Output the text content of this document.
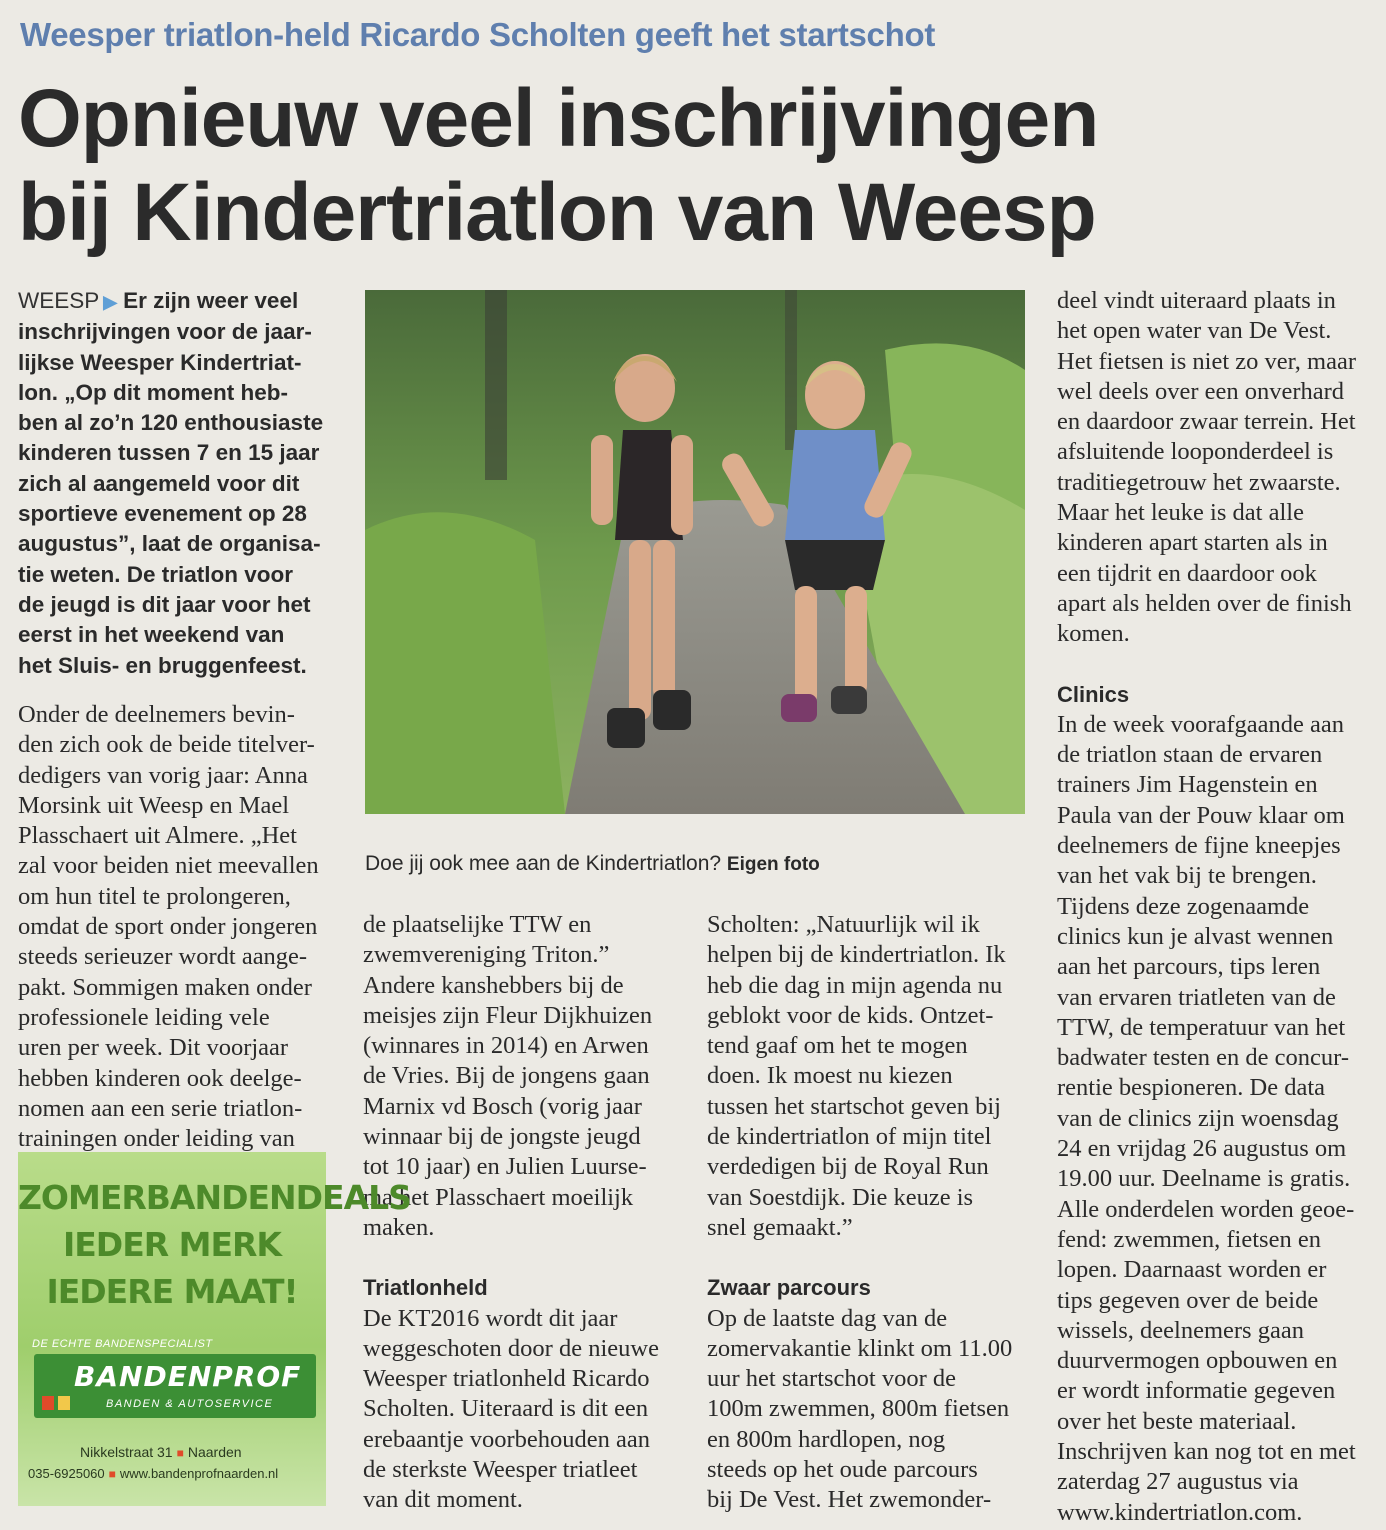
Weesper triatlon-held Ricardo Scholten geeft het startschot
Opnieuw veel inschrijvingen
bij Kindertriatlon van Weesp
WEESP ▶ Er zijn weer veel
inschrijvingen voor de jaar-
lijkse Weesper Kindertriat-
lon. „Op dit moment heb-
ben al zo’n 120 enthousiaste
kinderen tussen 7 en 15 jaar
zich al aangemeld voor dit
sportieve evenement op 28
augustus”, laat de organisa-
tie weten. De triatlon voor
de jeugd is dit jaar voor het
eerst in het weekend van
het Sluis- en bruggenfeest.
Onder de deelnemers bevin-
den zich ook de beide titelver-
dedigers van vorig jaar: Anna
Morsink uit Weesp en Mael
Plasschaert uit Almere. „Het
zal voor beiden niet meevallen
om hun titel te prolongeren,
omdat de sport onder jongeren
steeds serieuzer wordt aange-
pakt. Sommigen maken onder
professionele leiding vele
uren per week. Dit voorjaar
hebben kinderen ook deelge-
nomen aan een serie triatlon-
trainingen onder leiding van
Doe jij ook mee aan de Kindertriatlon? Eigen foto
de plaatselijke TTW en
zwemvereniging Triton.”
Andere kanshebbers bij de
meisjes zijn Fleur Dijkhuizen
(winnares in 2014) en Arwen
de Vries. Bij de jongens gaan
Marnix vd Bosch (vorig jaar
winnaar bij de jongste jeugd
tot 10 jaar) en Julien Luurse-
ma het Plasschaert moeilijk
maken.
Triatlonheld
De KT2016 wordt dit jaar
weggeschoten door de nieuwe
Weesper triatlonheld Ricardo
Scholten. Uiteraard is dit een
erebaantje voorbehouden aan
de sterkste Weesper triatleet
van dit moment.
Scholten: „Natuurlijk wil ik
helpen bij de kindertriatlon. Ik
heb die dag in mijn agenda nu
geblokt voor de kids. Ontzet-
tend gaaf om het te mogen
doen. Ik moest nu kiezen
tussen het startschot geven bij
de kindertriatlon of mijn titel
verdedigen bij de Royal Run
van Soestdijk. Die keuze is
snel gemaakt.”
Zwaar parcours
Op de laatste dag van de
zomervakantie klinkt om 11.00
uur het startschot voor de
100m zwemmen, 800m fietsen
en 800m hardlopen, nog
steeds op het oude parcours
bij De Vest. Het zwemonder-
deel vindt uiteraard plaats in
het open water van De Vest.
Het fietsen is niet zo ver, maar
wel deels over een onverhard
en daardoor zwaar terrein. Het
afsluitende looponderdeel is
traditiegetrouw het zwaarste.
Maar het leuke is dat alle
kinderen apart starten als in
een tijdrit en daardoor ook
apart als helden over de finish
komen.
Clinics
In de week voorafgaande aan
de triatlon staan de ervaren
trainers Jim Hagenstein en
Paula van der Pouw klaar om
deelnemers de fijne kneepjes
van het vak bij te brengen.
Tijdens deze zogenaamde
clinics kun je alvast wennen
aan het parcours, tips leren
van ervaren triatleten van de
TTW, de temperatuur van het
badwater testen en de concur-
rentie bespioneren. De data
van de clinics zijn woensdag
24 en vrijdag 26 augustus om
19.00 uur. Deelname is gratis.
Alle onderdelen worden geoe-
fend: zwemmen, fietsen en
lopen. Daarnaast worden er
tips gegeven over de beide
wissels, deelnemers gaan
duurvermogen opbouwen en
er wordt informatie gegeven
over het beste materiaal.
Inschrijven kan nog tot en met
zaterdag 27 augustus via
www.kindertriatlon.com.
ZOMERBANDENDEALS
IEDER MERK
IEDERE MAAT!
DE ECHTE BANDENSPECIALIST
BANDENPROF
BANDEN & AUTOSERVICE
Nikkelstraat 31 ■ Naarden
035-6925060 ■ www.bandenprofnaarden.nl
